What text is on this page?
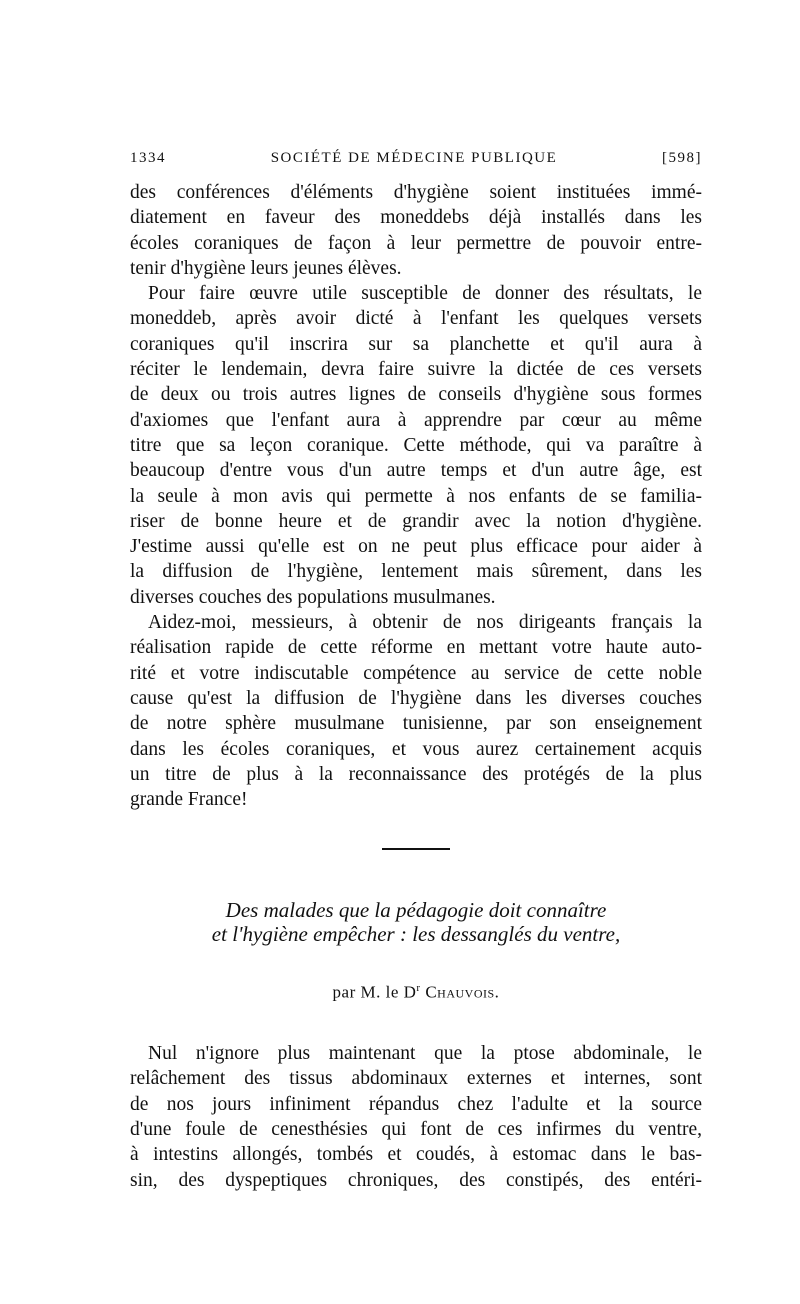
1334	SOCIÉTÉ DE MÉDECINE PUBLIQUE	[598]
des conférences d'éléments d'hygiène soient instituées immé-
diatement en faveur des moneddebs déjà installés dans les
écoles coraniques de façon à leur permettre de pouvoir entre-
tenir d'hygiène leurs jeunes élèves.
Pour faire œuvre utile susceptible de donner des résultats, le
moneddeb, après avoir dicté à l'enfant les quelques versets
coraniques qu'il inscrira sur sa planchette et qu'il aura à
réciter le lendemain, devra faire suivre la dictée de ces versets
de deux ou trois autres lignes de conseils d'hygiène sous formes
d'axiomes que l'enfant aura à apprendre par cœur au même
titre que sa leçon coranique. Cette méthode, qui va paraître à
beaucoup d'entre vous d'un autre temps et d'un autre âge, est
la seule à mon avis qui permette à nos enfants de se familia-
riser de bonne heure et de grandir avec la notion d'hygiène.
J'estime aussi qu'elle est on ne peut plus efficace pour aider à
la diffusion de l'hygiène, lentement mais sûrement, dans les
diverses couches des populations musulmanes.
Aidez-moi, messieurs, à obtenir de nos dirigeants français la
réalisation rapide de cette réforme en mettant votre haute auto-
rité et votre indiscutable compétence au service de cette noble
cause qu'est la diffusion de l'hygiène dans les diverses couches
de notre sphère musulmane tunisienne, par son enseignement
dans les écoles coraniques, et vous aurez certainement acquis
un titre de plus à la reconnaissance des protégés de la plus
grande France!
Des malades que la pédagogie doit connaître
et l'hygiène empêcher : les dessanglés du ventre,
par M. le $D^r$ Chauvois.
Nul n'ignore plus maintenant que la ptose abdominale, le
relâchement des tissus abdominaux externes et internes, sont
de nos jours infiniment répandus chez l'adulte et la source
d'une foule de cenesthésies qui font de ces infirmes du ventre,
à intestins allongés, tombés et coudés, à estomac dans le bas-
sin, des dyspeptiques chroniques, des constipés, des entéri-
